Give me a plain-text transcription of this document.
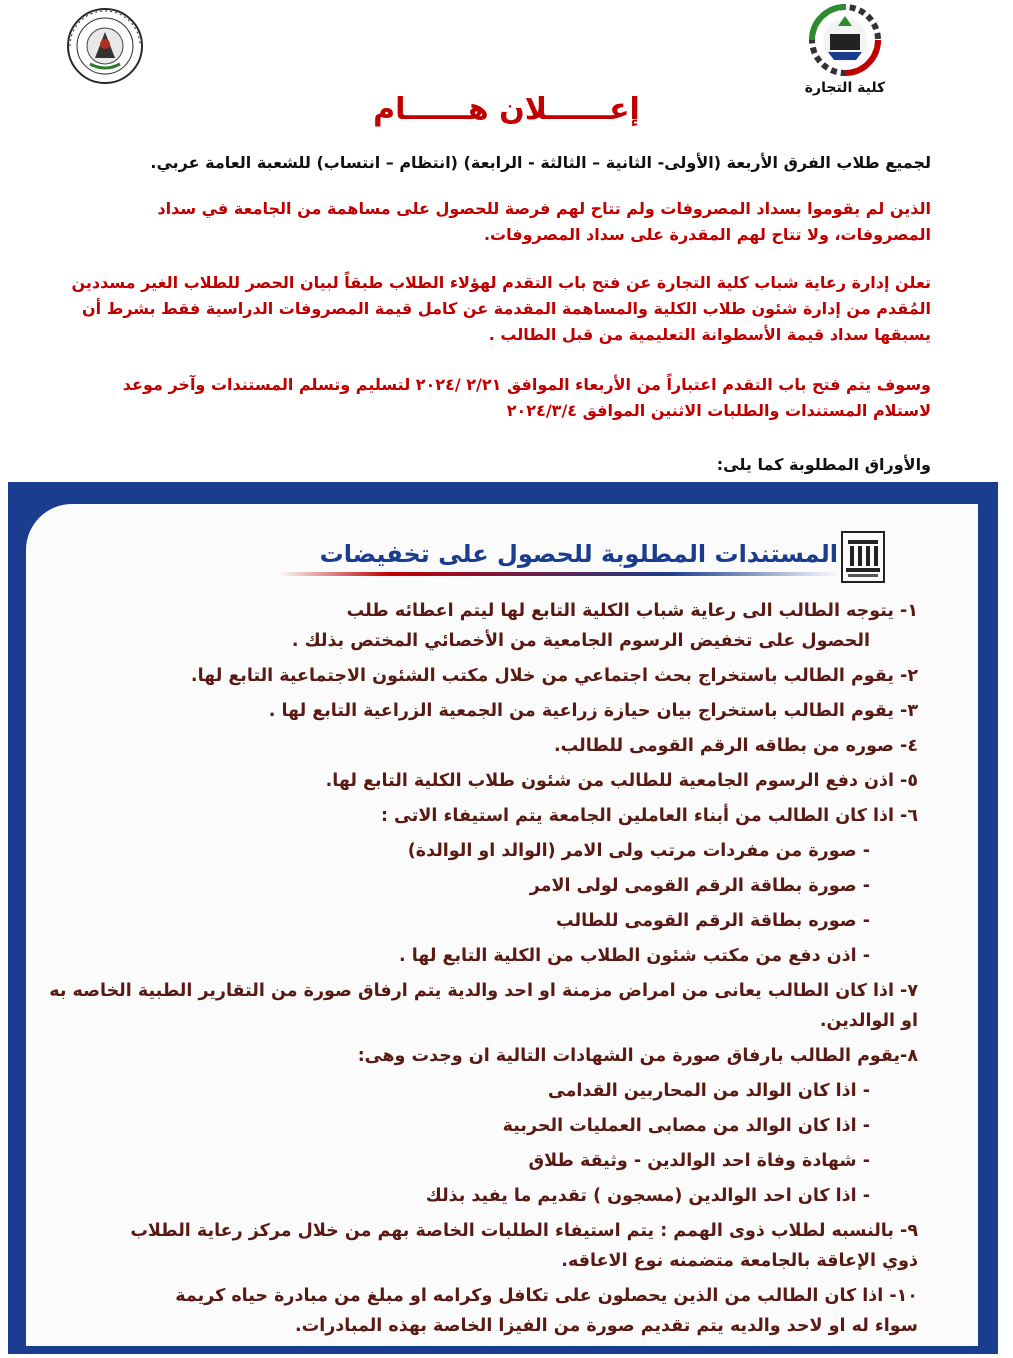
كلية التجارة
إعــــــلان هــــــام

لجميع طلاب الفرق الأربعة (الأولى- الثانية – الثالثة - الرابعة) (انتظام – انتساب) للشعبة العامة عربي.

الذين لم يقوموا بسداد المصروفات ولم تتاح لهم فرصة للحصول على مساهمة من الجامعة في سداد المصروفات، ولا تتاح لهم المقدرة على سداد المصروفات.

تعلن إدارة رعاية شباب كلية التجارة عن فتح باب التقدم لهؤلاء الطلاب طبقاً لبيان الحصر للطلاب الغير مسددين المُقدم من إدارة شئون طلاب الكلية والمساهمة المقدمة عن كامل قيمة المصروفات الدراسية فقط بشرط أن يسبقها سداد قيمة الأسطوانة التعليمية من قبل الطالب .

وسوف يتم فتح باب التقدم اعتباراً من الأربعاء الموافق ٢/٢١ /٢٠٢٤ لتسليم وتسلم المستندات وآخر موعد لاستلام المستندات والطلبات الاثنين الموافق ٢٠٢٤/٣/٤

والأوراق المطلوبة كما يلى:

المستندات المطلوبة للحصول على تخفيضات
١- يتوجه الطالب الى رعاية شباب الكلية التابع لها ليتم اعطائه طلب
الحصول على تخفيض الرسوم الجامعية من الأخصائي المختص بذلك .
٢- يقوم الطالب باستخراج بحث اجتماعي من خلال مكتب الشئون الاجتماعية التابع لها.
٣- يقوم الطالب باستخراج بيان حيازة زراعية من الجمعية الزراعية التابع لها .
٤- صوره من بطاقه الرقم القومى للطالب.
٥- اذن دفع الرسوم الجامعية للطالب من شئون طلاب الكلية التابع لها.
٦- اذا كان الطالب من أبناء العاملين الجامعة يتم استيفاء الاتى :
- صورة من مفردات مرتب ولى الامر (الوالد او الوالدة)
- صورة بطاقة الرقم القومى لولى الامر
- صوره بطاقة الرقم القومى للطالب
- اذن دفع من مكتب شئون الطلاب من الكلية التابع لها .
٧- اذا كان الطالب يعانى من امراض مزمنة او احد والدية يتم ارفاق صورة من التقارير الطبية الخاصه به او الوالدين.
٨-يقوم الطالب بارفاق صورة من الشهادات التالية ان وجدت وهى:
- اذا كان الوالد من المحاربين القدامى
- اذا كان الوالد من مصابى العمليات الحربية
- شهادة وفاة احد الوالدين - وثيقة طلاق
- اذا كان احد الوالدين (مسجون ) تقديم ما يفيد بذلك
٩- بالنسبه لطلاب ذوى الهمم : يتم استيفاء الطلبات الخاصة بهم من خلال مركز رعاية الطلاب
ذوي الإعاقة بالجامعة متضمنه نوع الاعاقه.
١٠- اذا كان الطالب من الذين يحصلون على تكافل وكرامه او مبلغ من مبادرة حياه كريمة
سواء له او لاحد والديه يتم تقديم صورة من الفيزا الخاصة بهذه المبادرات.
